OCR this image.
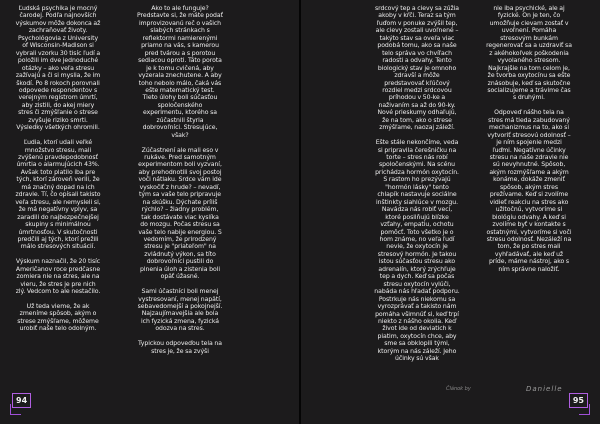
Ľudská psychika je mocný čarodej. Podľa najnovších výskumov môže dokonca až zachraňovať životy. Psychológovia z University of Wisconsin-Madison si vybrali vzorku 30 tisíc ľudí a položili im dve jednoduché otázky – ako veľa stresu zažívajú a či si myslia, že im škodí. Po 8 rokoch porovnali odpovede respondentov s verejným registrom úmrtí, aby zistili, do akej miery stres či zmýšľanie o strese zvyšuje riziko smrti. Výsledky všetkých ohromili.

Ľudia, ktorí udali veľké množstvo stresu, mali zvýšenú pravdepodobnosť úmrtia o alarmujúcich 43%. Avšak toto platilo iba pre tých, ktorí zároveň verili, že má značný dopad na ich zdravie. Tí, čo opísali takisto veľa stresu, ale nemysleli si, že má negatívny vplyv, sa zaradili do najbezpečnejšej skupiny s minimálnou úmrtnosťou. V skutočnosti predčili aj tých, ktorí prežili málo stresových situácií.

Výskum naznačil, že 20 tisíc Američanov roce predčasne zomiera nie na stres, ale na vieru, že stres je pre nich zlý. Vedcom to ale nestačilo.

Už teda vieme, že ak zmeníme spôsob, akým o strese zmýšľame, môžeme urobiť naše telo odolným.

Ako to ale funguje? Predstavte si, že máte podať improvizovanú reč o vašich slabých stránkach s reflektormi namierenými priamo na vás, s kamerou pred tvárou a s porotou sediacou oproti. Táto porota je k tomu cvičená, aby vyzerala znechutene. A aby toho nebolo málo, čaká vás ešte matematický test. Tieto úlohy boli súčasťou spoločenského experimentu, ktorého sa zúčastnili štyria dobrovoľníci. Stresujúce, však?

Zúčastnení ale mali eso v rukáve. Pred samotným experimentom boli vyzvaní, aby prehodnotili svoj postoj voči nátlaku. Srdce vám ide vyskočiť z hrude? – nevadí, tým sa vaše telo pripravuje na skúšku. Dýchate príliš rýchlo? – žiadny problém, tak dostávate viac kyslíka do mozgu. Počas stresu sa vaše telo nabije energiou. S vedomím, že prirodzený stresu je "priateľom" na zvládnutý výkon, sa títo dobrovoľníci pustili do plnenia úloh a zistenia boli opäť úžasné.

Sami účastníci boli menej vystresovaní, menej napätí, sebavedomejší a pokojnejší. Najzaujímavejšia ale bola ich fyzická zmena, fyzická odozva na stres.

Typickou odpoveďou tela na stres je, že sa zvýši

94

srdcový tep a cievy sa zúžia akoby v kŕči. Teraz sa tým ľuďom v ponuke zvýšil tep, ale cievy zostali uvoľnené – takýto stav sa oveľa viac podobá tomu, ako sa naše telo správa vo chvíľach radosti a odvahy. Tento biologický stav je omnoho zdravší a môže predstavovať kľúčový rozdiel medzi srdcovou príhodou v 50-ke a naživaním sa až do 90-ky. Nové prieskumy odhaľujú, že na tom, ako o strese zmýšľame, naozaj záleží.

Ešte stále nekončíme, veda si pripravila čerešničku na torte – stres nás robí spoločenskými. Na scénu prichádza hormón oxytocín. S rastom ho prezývajú "hormón lásky" tento chlapík nastavuje sociálne inštinkty siahlúce v mozgu. Navádza nás robiť veci, ktoré posilňujú blízke vzťahy, empatiu, ochotu pomôcť. Toto všetko je o hom známe, no veľa ľudí nevie, že oxytocín je stresový hormón. Je takou istou súčasťou stresu ako adrenalín, ktorý zrýchľuje tep a dych. Keď sa počas stresu oxytocín vylúči, nabáda nás hľadať podporu. Postrkuje nás niekomu sa vyrozprávať a takisto nám pomáha všimnúť si, keď trpí niekto z nášho okolia. Keď život ide od deviatich k piatim, oxytocín chce, aby sme sa obklopili tými, ktorým na nás záleží. Jeho účinky sú však

nie iba psychické, ale aj fyzické. On je ten, čo umožňuje cievam zostať v uvoľnení. Pomáha stresovým bunkám regenerovať sa a uzdraviť sa z akéhokoľvek poškodenia vyvolaného stresom. Najkrajšie na tom celom je, že tvorba oxytocínu sa ešte znásobuje, keď sa skutočne socializujeme a trávime čas s druhými.

Odpoveď nášho tela na stres má tieda zabudovaný mechanizmus na to, ako si vytvoriť stresovú odolnosť – je ním spojenie medzi ľuďmi. Negatívne účinky stresu na naše zdravie nie sú nevyhnutné. Spôsob, akým rozmýšľame a akým konáme, dokáže zmeniť spôsob, akým stres prežívame. Keď si zvolíme vidieť reakciu na stres ako užitočnú, vytvoríme si biológiu odvahy. A keď si zvolíme byť v kontakte s ostatnými, vytvoríme si voči stresu odolnosť. Nezáleží na tom, že po stres mali vyhľadávať, ale keď už príde, máme nástroj, ako s ním správne naložiť.

Článok by	Danielle
95
